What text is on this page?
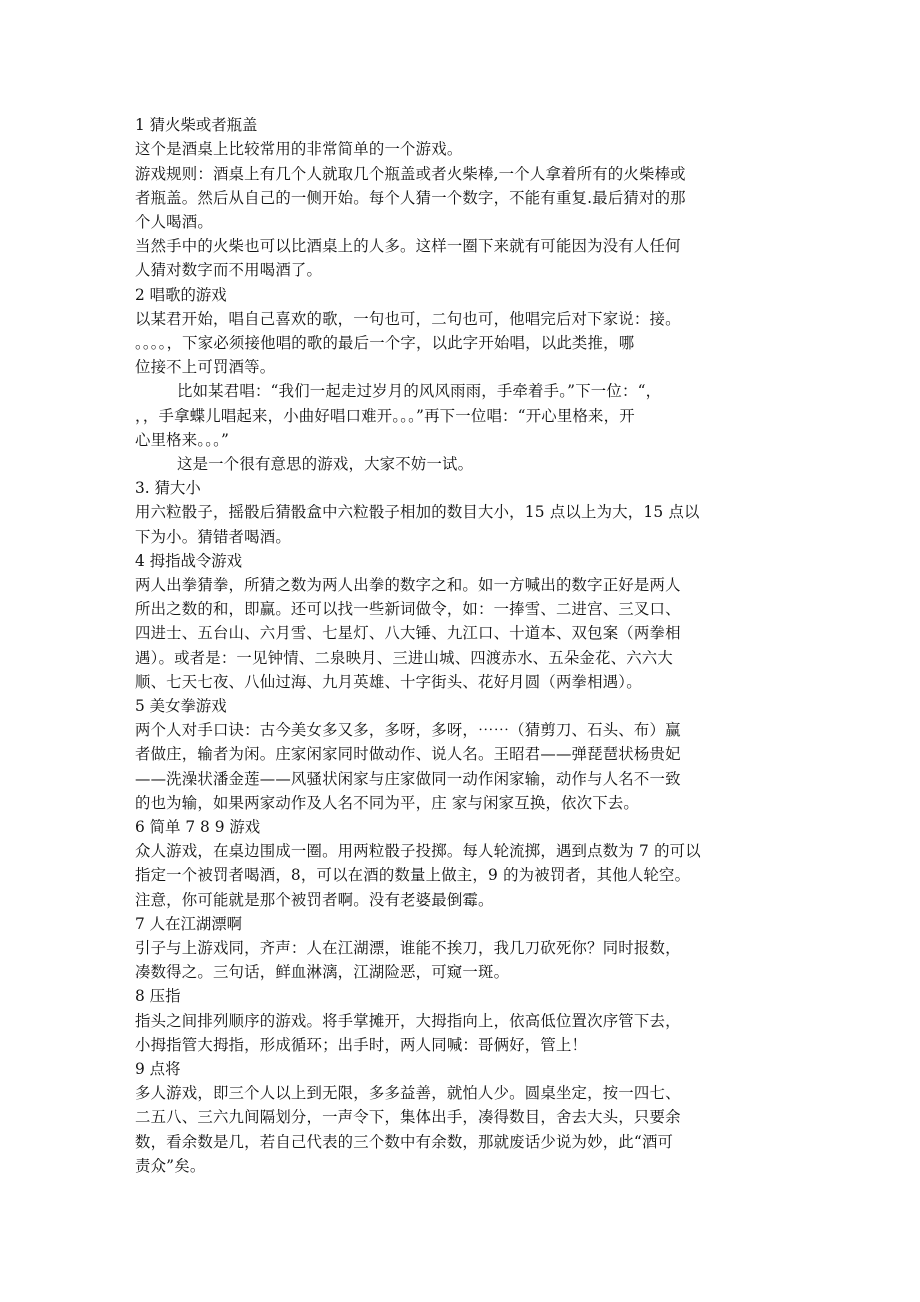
1 猜火柴或者瓶盖
这个是酒桌上比较常用的非常简单的一个游戏。
游戏规则：酒桌上有几个人就取几个瓶盖或者火柴棒,一个人拿着所有的火柴棒或
者瓶盖。然后从自己的一侧开始。每个人猜一个数字，不能有重复.最后猜对的那
个人喝酒。
当然手中的火柴也可以比酒桌上的人多。这样一圈下来就有可能因为没有人任何
人猜对数字而不用喝酒了。
2 唱歌的游戏
以某君开始，唱自己喜欢的歌，一句也可，二句也可，他唱完后对下家说：接。
。。。。，下家必须接他唱的歌的最后一个字，以此字开始唱，以此类推，哪
位接不上可罚酒等。
比如某君唱：“我们一起走过岁月的风风雨雨，手牵着手。”下一位：“，
，，手拿蝶儿唱起来，小曲好唱口难开。。。”再下一位唱：“开心里格来，开
心里格来。。。”
这是一个很有意思的游戏，大家不妨一试。
3. 猜大小
用六粒骰子，摇骰后猜骰盒中六粒骰子相加的数目大小，15 点以上为大，15 点以
下为小。猜错者喝酒。
4 拇指战令游戏
两人出拳猜拳，所猜之数为两人出拳的数字之和。如一方喊出的数字正好是两人
所出之数的和，即赢。还可以找一些新词做令，如：一捧雪、二进宫、三叉口、
四进士、五台山、六月雪、七星灯、八大锤、九江口、十道本、双包案（两拳相
遇）。或者是：一见钟情、二泉映月、三进山城、四渡赤水、五朵金花、六六大
顺、七天七夜、八仙过海、九月英雄、十字街头、花好月圆（两拳相遇）。
5 美女拳游戏
两个人对手口诀：古今美女多又多，多呀，多呀，⋯⋯（猜剪刀、石头、布）赢
者做庄，输者为闲。庄家闲家同时做动作、说人名。王昭君——弹琵琶状杨贵妃
——洗澡状潘金莲——风骚状闲家与庄家做同一动作闲家输，动作与人名不一致
的也为输，如果两家动作及人名不同为平，庄 家与闲家互换，依次下去。
6 简单 7 8 9 游戏
众人游戏，在桌边围成一圈。用两粒骰子投掷。每人轮流掷，遇到点数为 7 的可以
指定一个被罚者喝酒，8，可以在酒的数量上做主，9 的为被罚者，其他人轮空。
注意，你可能就是那个被罚者啊。没有老婆最倒霉。
7 人在江湖漂啊
引子与上游戏同，齐声：人在江湖漂，谁能不挨刀，我几刀砍死你？同时报数，
凑数得之。三句话，鲜血淋漓，江湖险恶，可窥一斑。
8 压指
指头之间排列顺序的游戏。将手掌摊开，大拇指向上，依高低位置次序管下去，
小拇指管大拇指，形成循环；出手时，两人同喊：哥俩好，管上！
9 点将
多人游戏，即三个人以上到无限，多多益善，就怕人少。圆桌坐定，按一四七、
二五八、三六九间隔划分，一声令下，集体出手，凑得数目，舍去大头，只要余
数，看余数是几，若自己代表的三个数中有余数，那就废话少说为妙，此“酒可
责众”矣。
